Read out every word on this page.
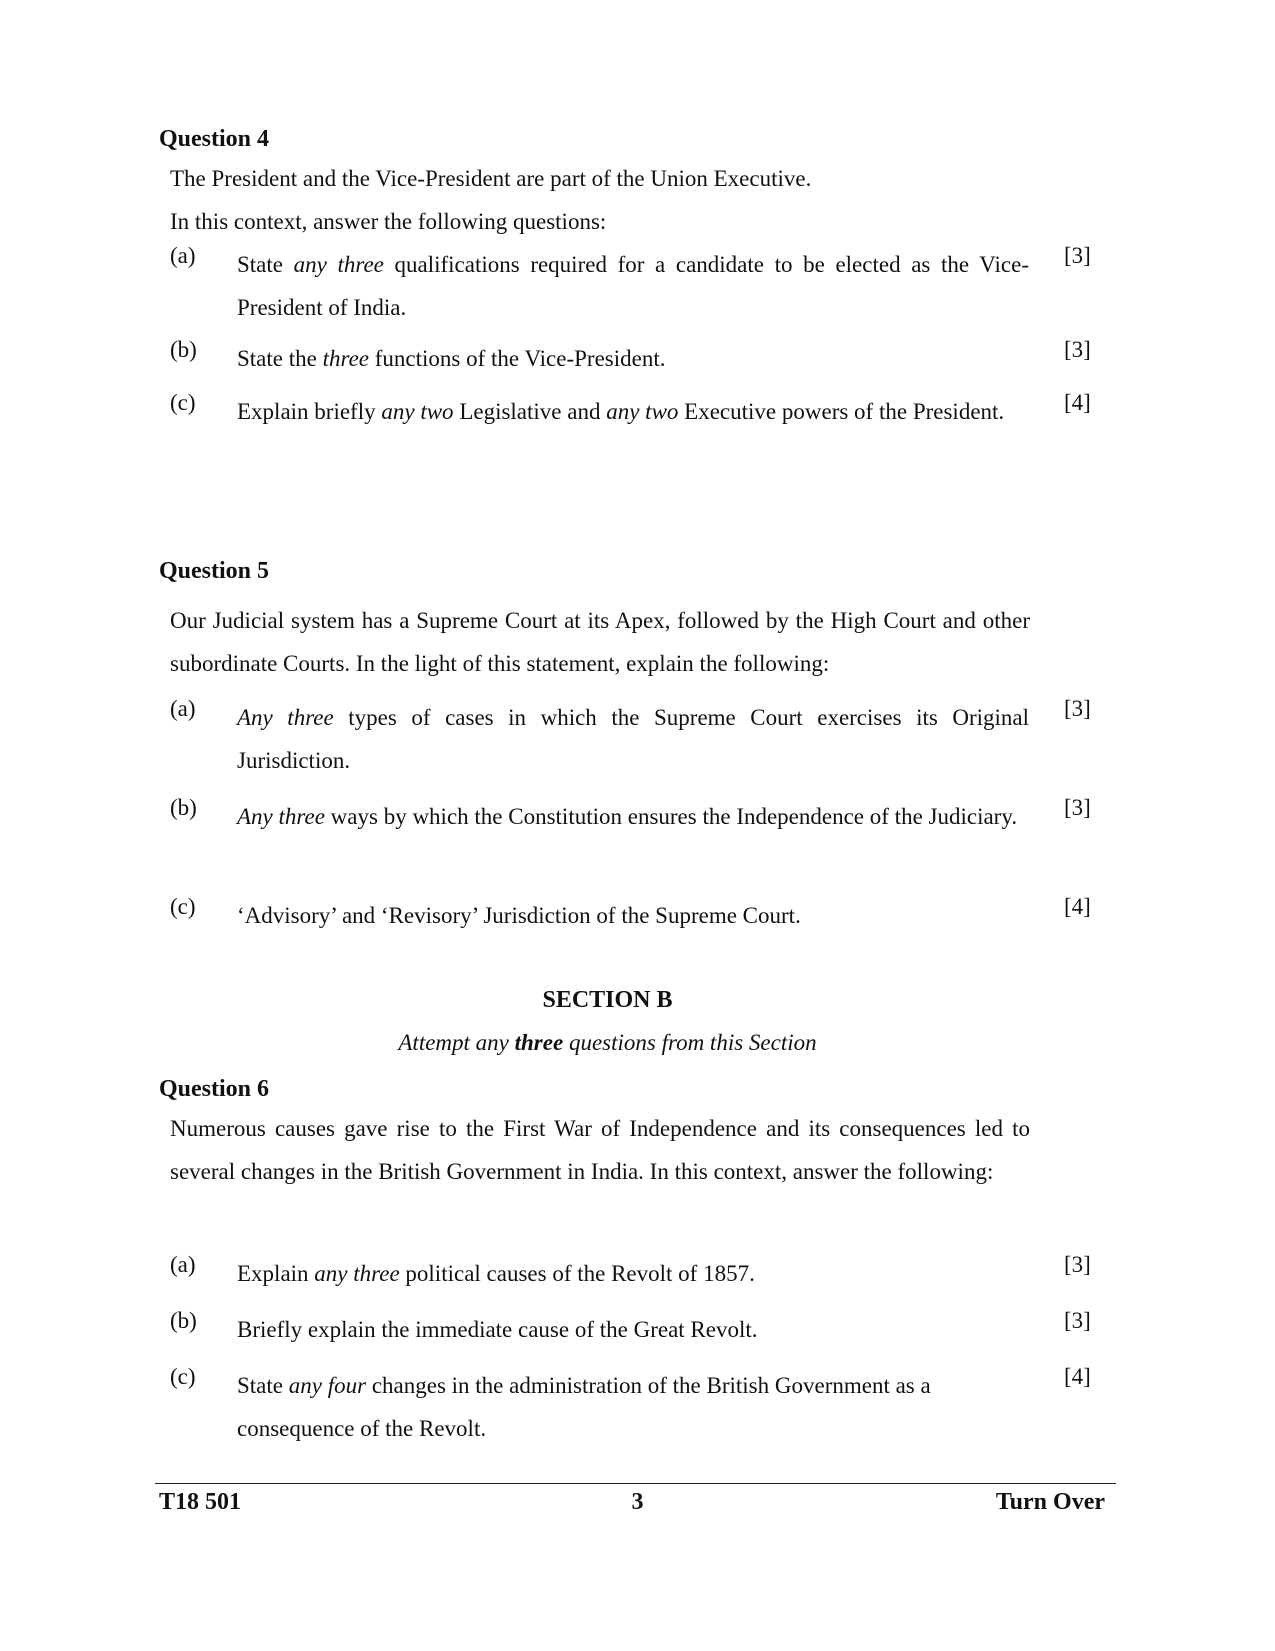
Question 4

The President and the Vice-President are part of the Union Executive.

In this context, answer the following questions:

(a) State any three qualifications required for a candidate to be elected as the Vice-President of India.
[3]
(b) State the three functions of the Vice-President.	[3]
(c) Explain briefly any two Legislative and any two Executive powers of the President.	[4]
Question 5

Our Judicial system has a Supreme Court at its Apex, followed by the High Court and other subordinate Courts. In the light of this statement, explain the following:

(a) Any three types of cases in which the Supreme Court exercises its Original Jurisdiction.
[3]
(b) Any three ways by which the Constitution ensures the Independence of the Judiciary.	[3]
(c) ‘Advisory’ and ‘Revisory’ Jurisdiction of the Supreme Court.	[4]
SECTION B
Attempt any three questions from this Section
Question 6

Numerous causes gave rise to the First War of Independence and its consequences led to several changes in the British Government in India. In this context, answer the following:

(a) Explain any three political causes of the Revolt of 1857.	[3]
(b) Briefly explain the immediate cause of the Great Revolt.	[3]
(c) State any four changes in the administration of the British Government as a consequence of the Revolt.
[4]
3
T18 501	Turn Over
